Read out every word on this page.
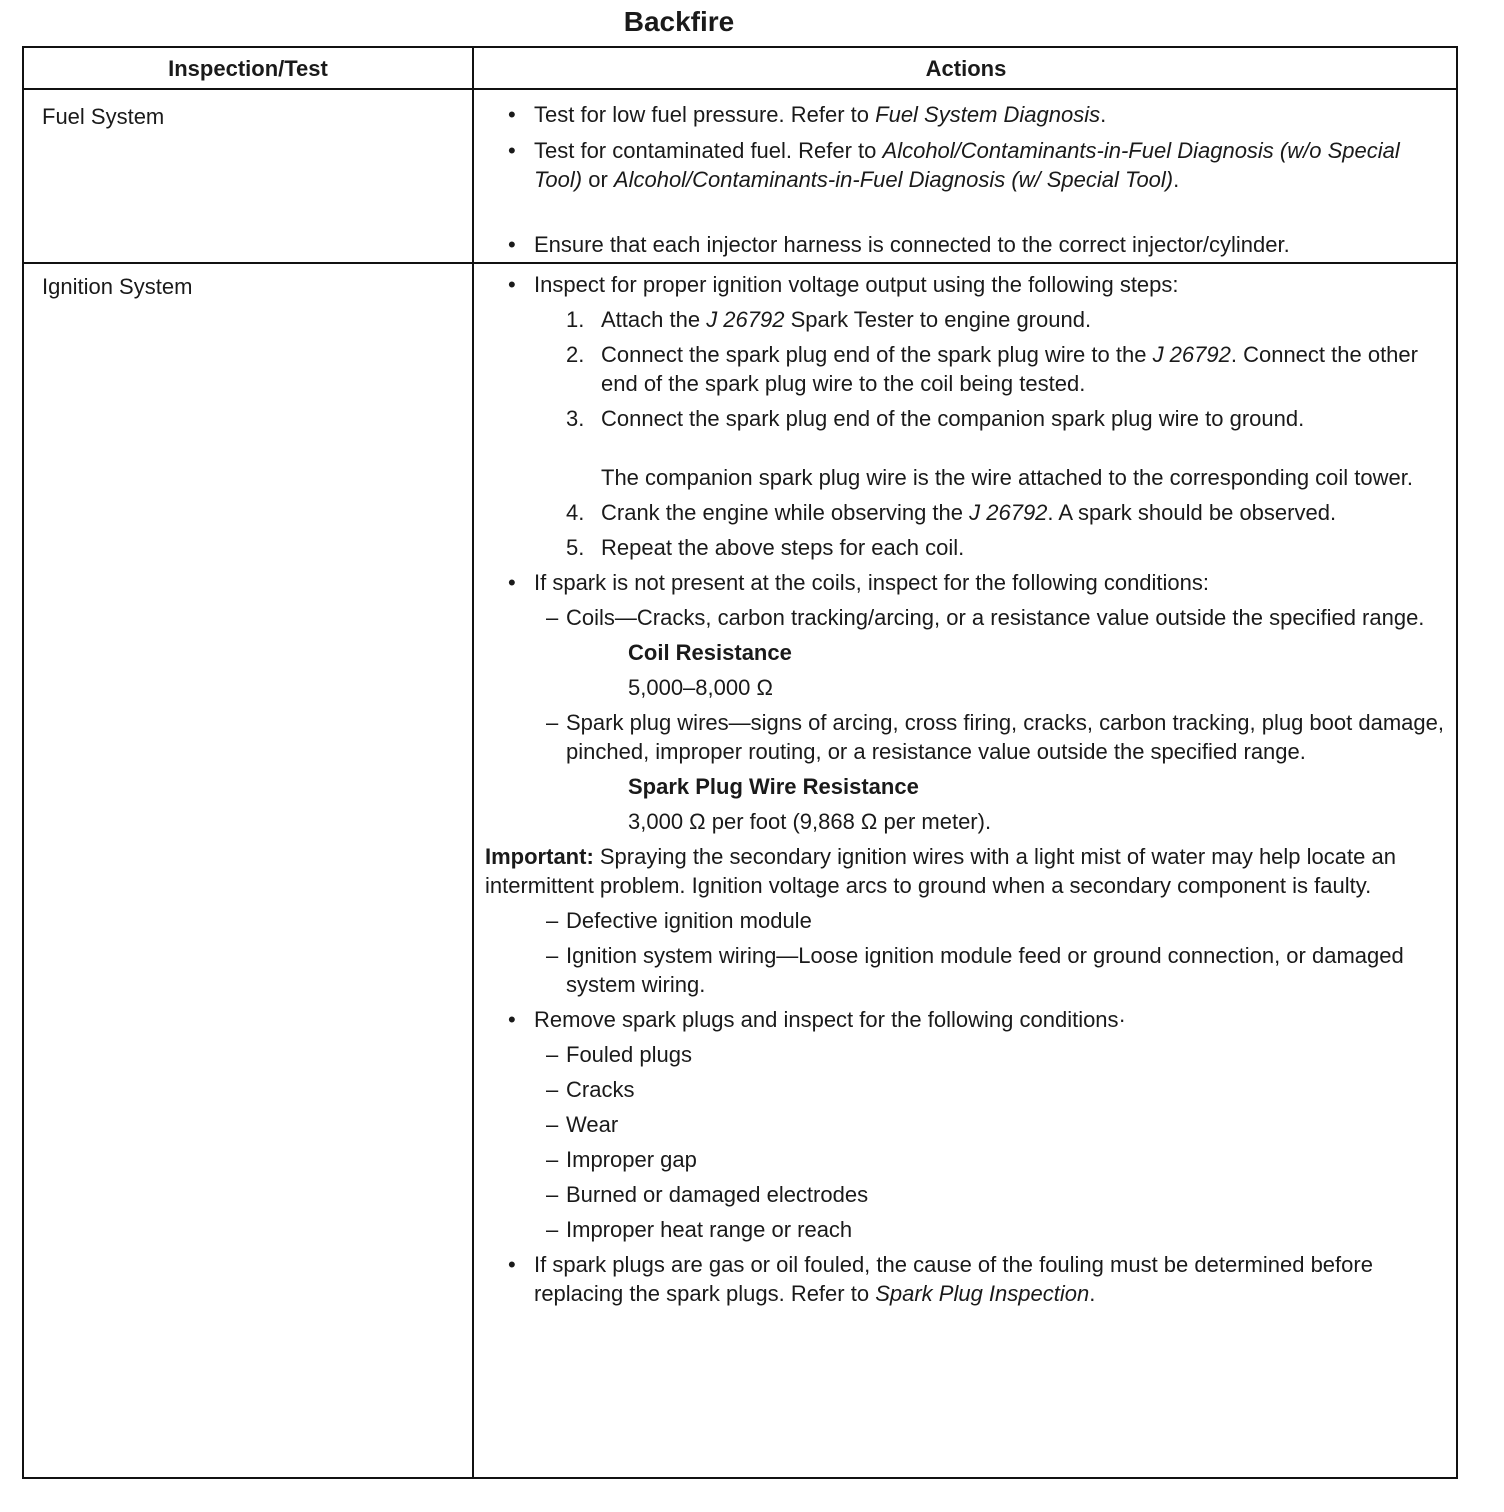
Backfire
Inspection/Test	Actions
Fuel System	• Test for low fuel pressure. Refer to Fuel System Diagnosis.
• Test for contaminated fuel. Refer to Alcohol/Contaminants-in-Fuel Diagnosis (w/o Special Tool) or Alcohol/Contaminants-in-Fuel Diagnosis (w/ Special Tool).
• Ensure that each injector harness is connected to the correct injector/cylinder.
Ignition System	• Inspect for proper ignition voltage output using the following steps:
1. Attach the J 26792 Spark Tester to engine ground.
2. Connect the spark plug end of the spark plug wire to the J 26792. Connect the other end of the spark plug wire to the coil being tested.
3. Connect the spark plug end of the companion spark plug wire to ground.
The companion spark plug wire is the wire attached to the corresponding coil tower.
4. Crank the engine while observing the J 26792. A spark should be observed.
5. Repeat the above steps for each coil.
• If spark is not present at the coils, inspect for the following conditions:
– Coils—Cracks, carbon tracking/arcing, or a resistance value outside the specified range.
Coil Resistance
5,000–8,000 Ω
– Spark plug wires—signs of arcing, cross firing, cracks, carbon tracking, plug boot damage, pinched, improper routing, or a resistance value outside the specified range.
Spark Plug Wire Resistance
3,000 Ω per foot (9,868 Ω per meter).
Important: Spraying the secondary ignition wires with a light mist of water may help locate an intermittent problem. Ignition voltage arcs to ground when a secondary component is faulty.
– Defective ignition module
– Ignition system wiring—Loose ignition module feed or ground connection, or damaged system wiring.
• Remove spark plugs and inspect for the following conditions·
– Fouled plugs
– Cracks
– Wear
– Improper gap
– Burned or damaged electrodes
– Improper heat range or reach
• If spark plugs are gas or oil fouled, the cause of the fouling must be determined before replacing the spark plugs. Refer to Spark Plug Inspection.
